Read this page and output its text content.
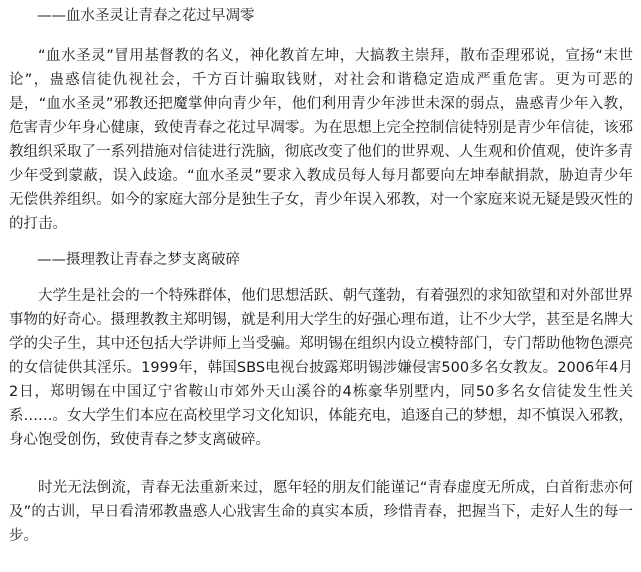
——血水圣灵让青春之花过早凋零

“血水圣灵”冒用基督教的名义，神化教首左坤，大搞教主崇拜，散布歪理邪说，宣扬“末世论”，蛊惑信徒仇视社会，千方百计骗取钱财，对社会和谐稳定造成严重危害。更为可恶的是，“血水圣灵”邪教还把魔掌伸向青少年，他们利用青少年涉世未深的弱点，蛊惑青少年入教，危害青少年身心健康，致使青春之花过早凋零。为在思想上完全控制信徒特别是青少年信徒，该邪教组织采取了一系列措施对信徒进行洗脑，彻底改变了他们的世界观、人生观和价值观，使许多青少年受到蒙蔽，误入歧途。“血水圣灵”要求入教成员每人每月都要向左坤奉献捐款，胁迫青少年无偿供养组织。如今的家庭大部分是独生子女，青少年误入邪教，对一个家庭来说无疑是毁灭性的的打击。

——摄理教让青春之梦支离破碎

大学生是社会的一个特殊群体，他们思想活跃、朝气蓬勃，有着强烈的求知欲望和对外部世界事物的好奇心。摄理教教主郑明锡，就是利用大学生的好强心理布道，让不少大学，甚至是名牌大学的尖子生，其中还包括大学讲师上当受骗。郑明锡在组织内设立模特部门，专门帮助他物色漂亮的女信徒供其淫乐。1999年，韩国SBS电视台披露郑明锡涉嫌侵害500多名女教友。2006年4月2日，郑明锡在中国辽宁省鞍山市郊外天山溪谷的4栋豪华别墅内，同50多名女信徒发生性关系……。女大学生们本应在高校里学习文化知识，体能充电，追逐自己的梦想，却不慎误入邪教，身心饱受创伤，致使青春之梦支离破碎。

时光无法倒流，青春无法重新来过，愿年轻的朋友们能谨记“青春虚度无所成，白首衔悲亦何及”的古训，早日看清邪教蛊惑人心戕害生命的真实本质，珍惜青春，把握当下，走好人生的每一步。
